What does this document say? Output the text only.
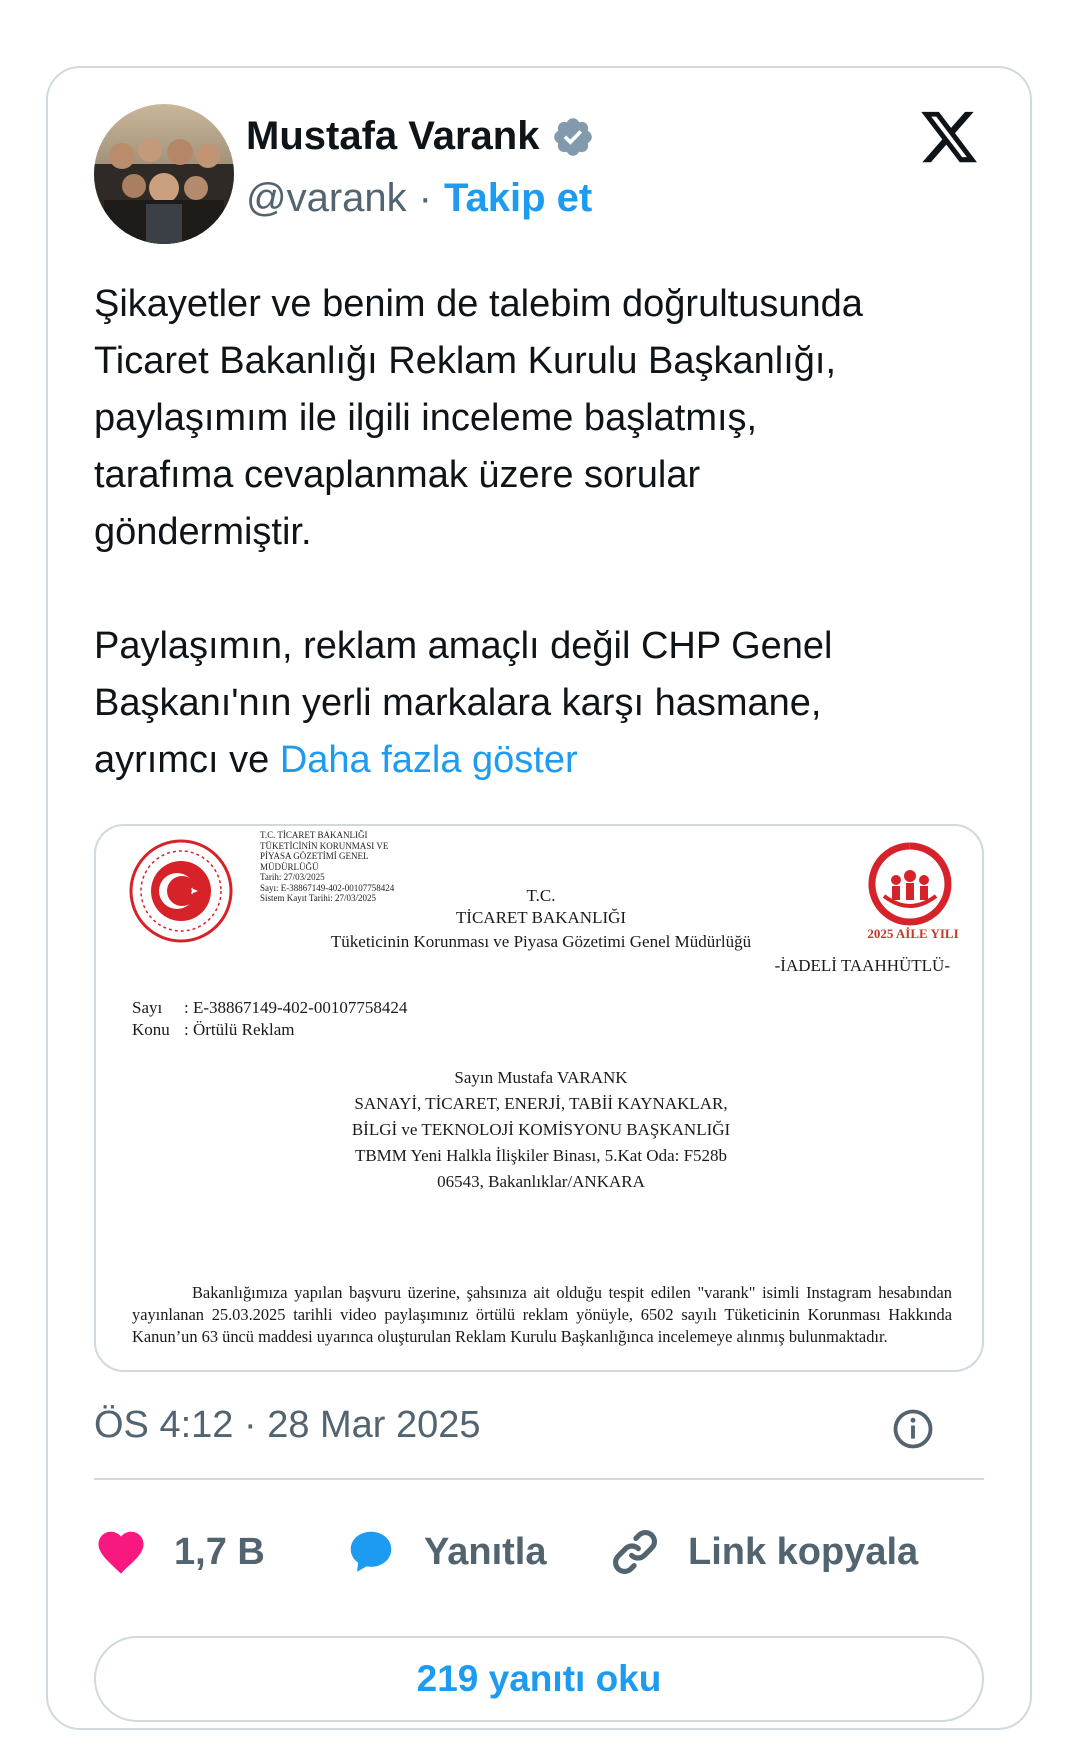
Mustafa Varank
@varank · Takip et
Şikayetler ve benim de talebim doğrultusunda
Ticaret Bakanlığı Reklam Kurulu Başkanlığı,
paylaşımım ile ilgili inceleme başlatmış,
tarafıma cevaplanmak üzere sorular
göndermiştir.

Paylaşımın, reklam amaçlı değil CHP Genel
Başkanı'nın yerli markalara karşı hasmane,
ayrımcı ve Daha fazla göster
T.C. TİCARET BAKANLIĞI
TÜKETİCİNİN KORUNMASI VE
PİYASA GÖZETİMİ GENEL
MÜDÜRLÜĞÜ
Tarih: 27/03/2025
Sayı: E-38867149-402-00107758424
Sistem Kayıt Tarihi: 27/03/2025	T.C.
TİCARET BAKANLIĞI
Tüketicinin Korunması ve Piyasa Gözetimi Genel Müdürlüğü	2025 AİLE YILI
-İADELİ TAAHHÜTLÜ-
Sayı : E-38867149-402-00107758424
Konu : Örtülü Reklam
Sayın Mustafa VARANK
SANAYİ, TİCARET, ENERJİ, TABİİ KAYNAKLAR,
BİLGİ ve TEKNOLOJİ KOMİSYONU BAŞKANLIĞI
TBMM Yeni Halkla İlişkiler Binası, 5.Kat Oda: F528b
06543, Bakanlıklar/ANKARA
Bakanlığımıza yapılan başvuru üzerine, şahsınıza ait olduğu tespit edilen "varank" isimli Instagram hesabından yayınlanan 25.03.2025 tarihli video paylaşımınız örtülü reklam yönüyle, 6502 sayılı Tüketicinin Korunması Hakkında Kanun’un 63 üncü maddesi uyarınca oluşturulan Reklam Kurulu Başkanlığınca incelemeye alınmış bulunmaktadır.
ÖS 4:12 · 28 Mar 2025
1,7 B	Yanıtla	Link kopyala
219 yanıtı oku
